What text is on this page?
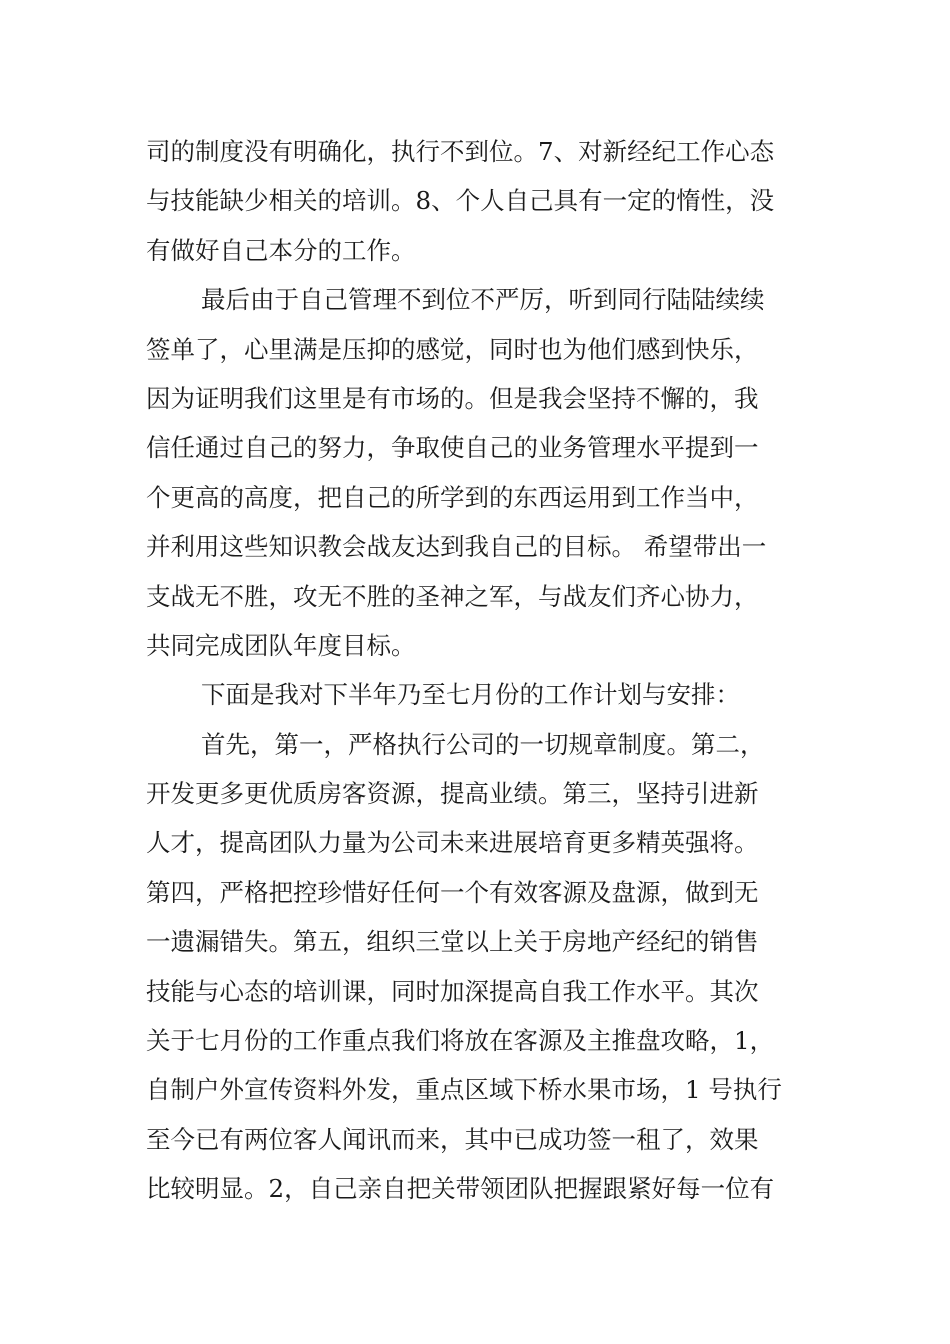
司的制度没有明确化，执行不到位。7、对新经纪工作心态
与技能缺少相关的培训。8、个人自己具有一定的惰性，没
有做好自己本分的工作。
最后由于自己管理不到位不严厉，听到同行陆陆续续
签单了，心里满是压抑的感觉，同时也为他们感到快乐，
因为证明我们这里是有市场的。但是我会坚持不懈的，我
信任通过自己的努力，争取使自己的业务管理水平提到一
个更高的高度，把自己的所学到的东西运用到工作当中，
并利用这些知识教会战友达到我自己的目标。 希望带出一
支战无不胜，攻无不胜的圣神之军，与战友们齐心协力，
共同完成团队年度目标。
下面是我对下半年乃至七月份的工作计划与安排：
首先，第一，严格执行公司的一切规章制度。第二，
开发更多更优质房客资源，提高业绩。第三，坚持引进新
人才，提高团队力量为公司未来进展培育更多精英强将。
第四，严格把控珍惜好任何一个有效客源及盘源，做到无
一遗漏错失。第五，组织三堂以上关于房地产经纪的销售
技能与心态的培训课，同时加深提高自我工作水平。其次
关于七月份的工作重点我们将放在客源及主推盘攻略，1，
自制户外宣传资料外发，重点区域下桥水果市场，1 号执行
至今已有两位客人闻讯而来，其中已成功签一租了，效果
比较明显。2，自己亲自把关带领团队把握跟紧好每一位有
